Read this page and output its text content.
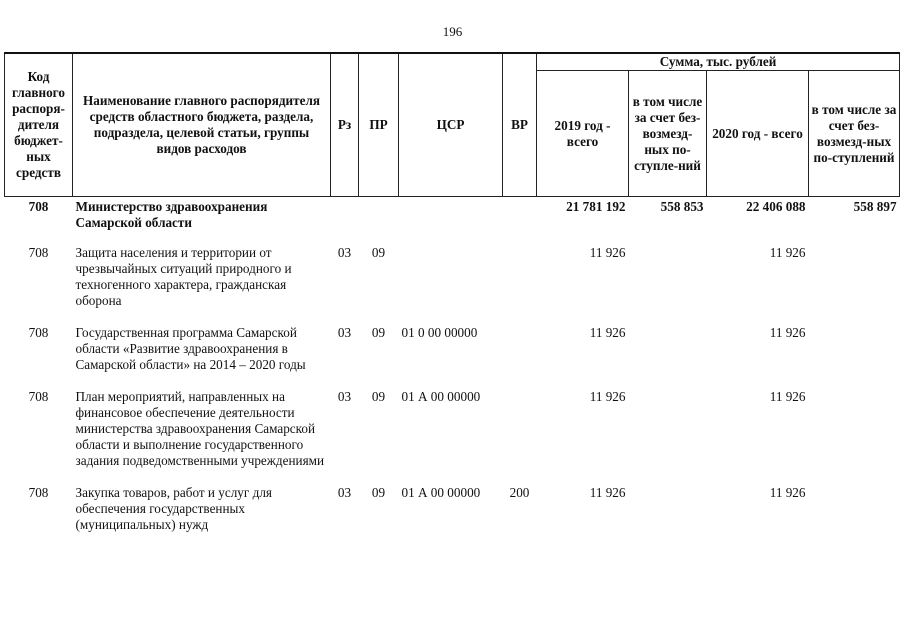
196
Код главного распоря-дителя бюджет-ных средств	Наименование главного распорядителя средств областного бюджета, раздела, подраздела, целевой статьи, группы видов расходов	Рз	ПР	ЦСР	ВР	Сумма, тыс. рублей			
						2019 год - всего	в том числе за счет без-возмезд-ных по-ступле-ний	2020 год - всего	в том числе за счет без-возмезд-ных по-ступлений
708	Министерство здравоохранения Самарской области					21 781 192	558 853	22 406 088	558 897
708	Защита населения и территории от чрезвычайных ситуаций природного и техногенного характера, гражданская оборона	03	09			11 926		11 926	
708	Государственная программа Самарской области «Развитие здравоохранения в Самарской области» на 2014 – 2020 годы	03	09	01 0 00 00000		11 926		11 926	
708	План мероприятий, направленных на финансовое обеспечение деятельности министерства здравоохранения Самарской области и выполнение государственного задания подведомственными учреждениями	03	09	01 А 00 00000		11 926		11 926	
708	Закупка товаров, работ и услуг для обеспечения государственных (муниципальных) нужд	03	09	01 А 00 00000	200	11 926		11 926	
